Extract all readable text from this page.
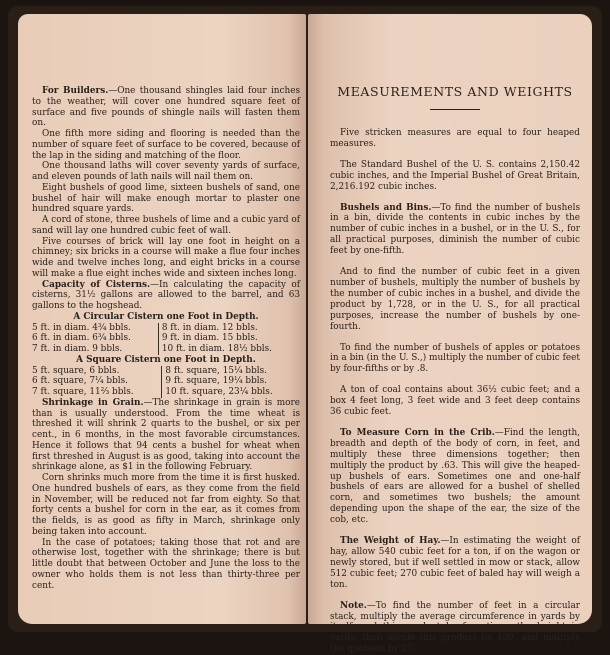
For Builders.—One thousand shingles laid four inches to the weather, will cover one hundred square feet of surface and five pounds of shingle nails will fasten them on.

One fifth more siding and flooring is needed than the number of square feet of surface to be covered, because of the lap in the siding and matching of the floor.

One thousand laths will cover seventy yards of surface, and eleven pounds of lath nails will nail them on.

Eight bushels of good lime, sixteen bushels of sand, one bushel of hair will make enough mortar to plaster one hundred square yards.

A cord of stone, three bushels of lime and a cubic yard of sand will lay one hundred cubic feet of wall.

Five courses of brick will lay one foot in height on a chimney; six bricks in a course will make a flue four inches wide and twelve inches long, and eight bricks in a course will make a flue eight inches wide and sixteen inches long.

Capacity of Cisterns.—In calculating the capacity of cisterns, 31½ gallons are allowed to the barrel, and 63 gallons to the hogshead.

A Circular Cistern one Foot in Depth.

5 ft. in diam. 4¾ bbls.	8 ft. in diam. 12 bbls.
6 ft. in diam. 6¾ bbls.	9 ft. in diam. 15 bbls.
7 ft. in diam. 9 bbls.	10 ft. in diam. 18½ bbls.

A Square Cistern one Foot in Depth.

5 ft. square, 6 bbls.	8 ft. square, 15¼ bbls.
6 ft. square, 7¼ bbls.	9 ft. square, 19¼ bbls.
7 ft. square, 11⅔ bbls.	10 ft. square, 23¼ bbls.

Shrinkage in Grain.—The shrinkage in grain is more than is usually understood. From the time wheat is threshed it will shrink 2 quarts to the bushel, or six per cent., in 6 months, in the most favorable circumstances. Hence it follows that 94 cents a bushel for wheat when first threshed in August is as good, taking into account the shrinkage alone, as $1 in the following February.

Corn shrinks much more from the time it is first husked. One hundred bushels of ears, as they come from the field in November, will be reduced not far from eighty. So that forty cents a bushel for corn in the ear, as it comes from the fields, is as good as fifty in March, shrinkage only being taken into account.

In the case of potatoes; taking those that rot and are otherwise lost, together with the shrinkage; there is but little doubt that between October and June the loss to the owner who holds them is not less than thirty-three per cent.

MEASUREMENTS AND WEIGHTS

Five stricken measures are equal to four heaped measures.

The Standard Bushel of the U. S. contains 2,150.42 cubic inches, and the Imperial Bushel of Great Britain, 2,216.192 cubic inches.

Bushels and Bins.—To find the number of bushels in a bin, divide the contents in cubic inches by the number of cubic inches in a bushel, or in the U. S., for all practical purposes, diminish the number of cubic feet by one-fifth.

And to find the number of cubic feet in a given number of bushels, multiply the number of bushels by the number of cubic inches in a bushel, and divide the product by 1,728, or in the U. S., for all practical purposes, increase the number of bushels by one-fourth.

To find the number of bushels of apples or potatoes in a bin (in the U. S.,) multiply the number of cubic feet by four-fifths or by .8.

A ton of coal contains about 36½ cubic feet; and a box 4 feet long, 3 feet wide and 3 feet deep contains 36 cubic feet.

To Measure Corn in the Crib.—Find the length, breadth and depth of the body of corn, in feet, and multiply these three dimensions together; then multiply the product by .63. This will give the heaped-up bushels of ears. Sometimes one and one-half bushels of ears are allowed for a bushel of shelled corn, and sometimes two bushels; the amount depending upon the shape of the ear, the size of the cob, etc.

The Weight of Hay.—In estimating the weight of hay, allow 540 cubic feet for a ton, if on the wagon or newly stored, but if well settled in mow or stack, allow 512 cubic feet; 270 cubic feet of baled hay will weigh a ton.

Note.—To find the number of feet in a circular stack, multiply the average circumference in yards by itself, and this product by four times the height in yards; then divide this product by 100, and multiply the quotient by 27.
